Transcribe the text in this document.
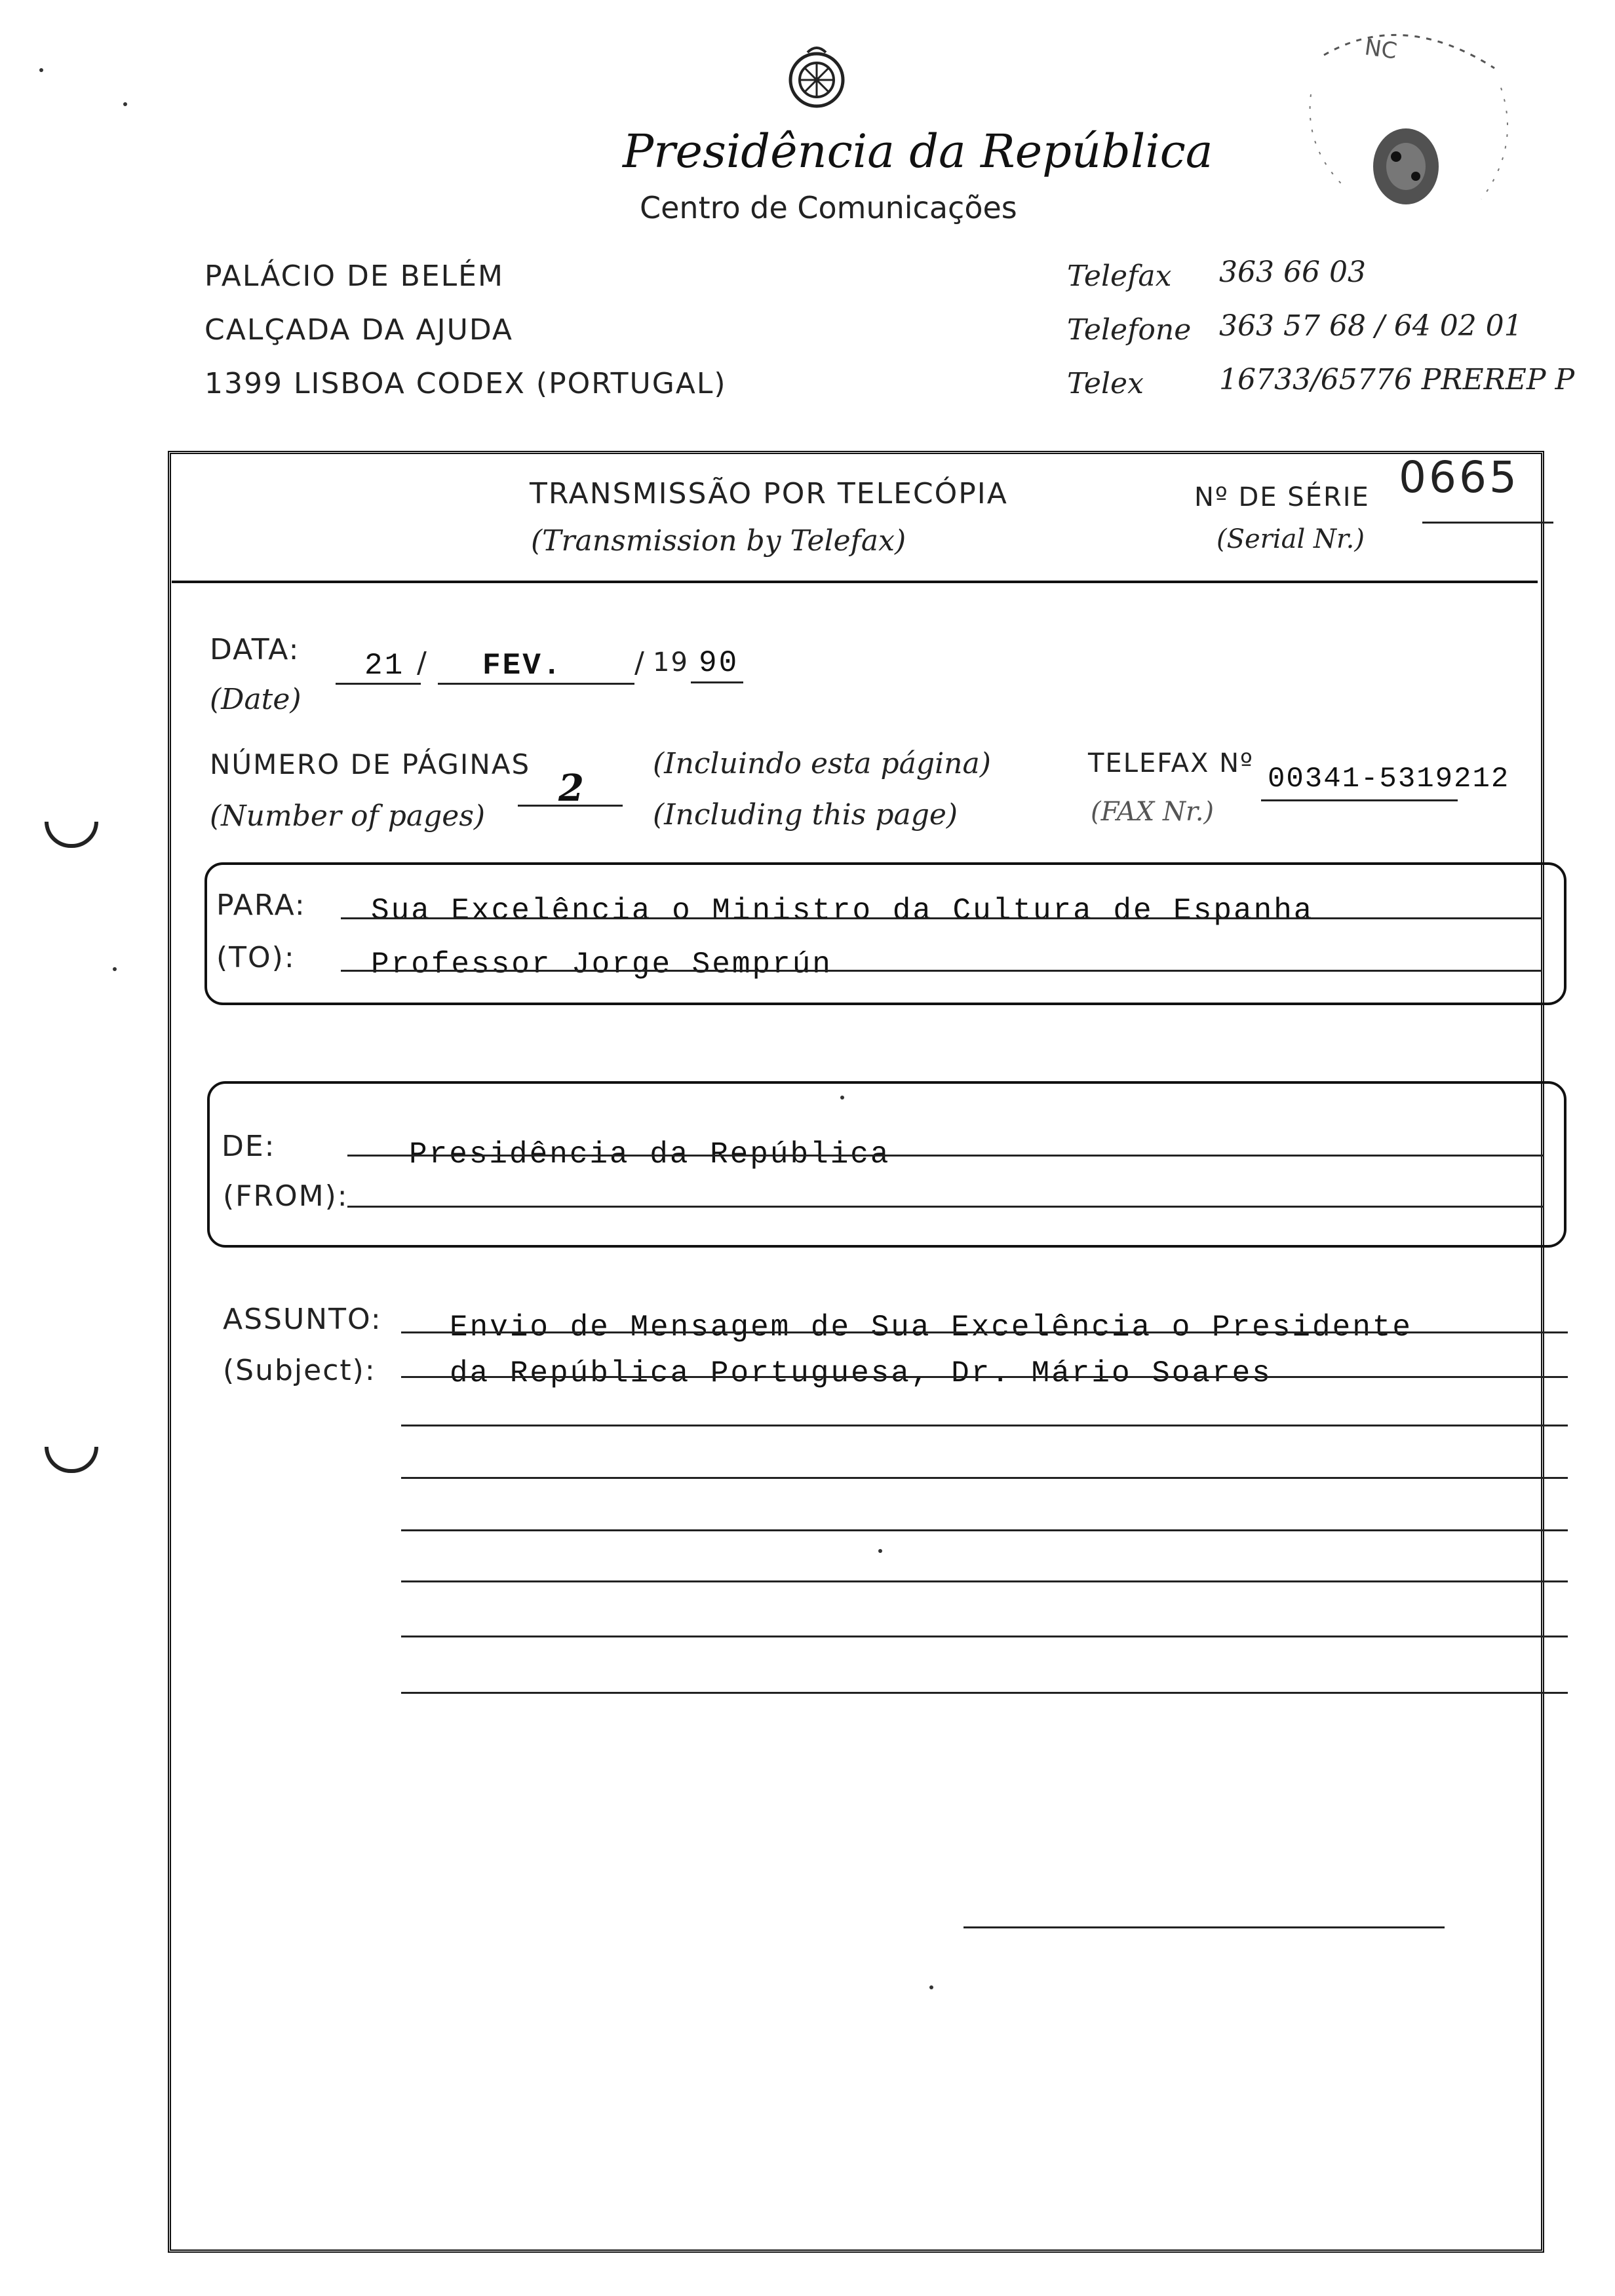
NC
Presidência da República
Centro de Comunicações
PALÁCIO DE BELÉM
CALÇADA DA AJUDA
1399 LISBOA CODEX (PORTUGAL)
Telefax 363 66 03
Telefone 363 57 68 / 64 02 01
Telex	16733/65776 PREREP P
TRANSMISSÃO POR TELECÓPIA
(Transmission by Telefax)
Nº DE SÉRIE
(Serial Nr.)
0665
DATA:
(Date)
21 / FEV. / 19 90
NÚMERO DE PÁGINAS
(Number of pages)
2
(Incluindo esta página)
(Including this page)
TELEFAX Nº
(FAX Nr.)
00341-5319212
PARA:
(TO):
Sua Excelência o Ministro da Cultura de Espanha
Professor Jorge Semprún
DE:
(FROM):
Presidência da República
ASSUNTO:
(Subject):
Envio de Mensagem de Sua Excelência o Presidente
da República Portuguesa, Dr. Mário Soares
